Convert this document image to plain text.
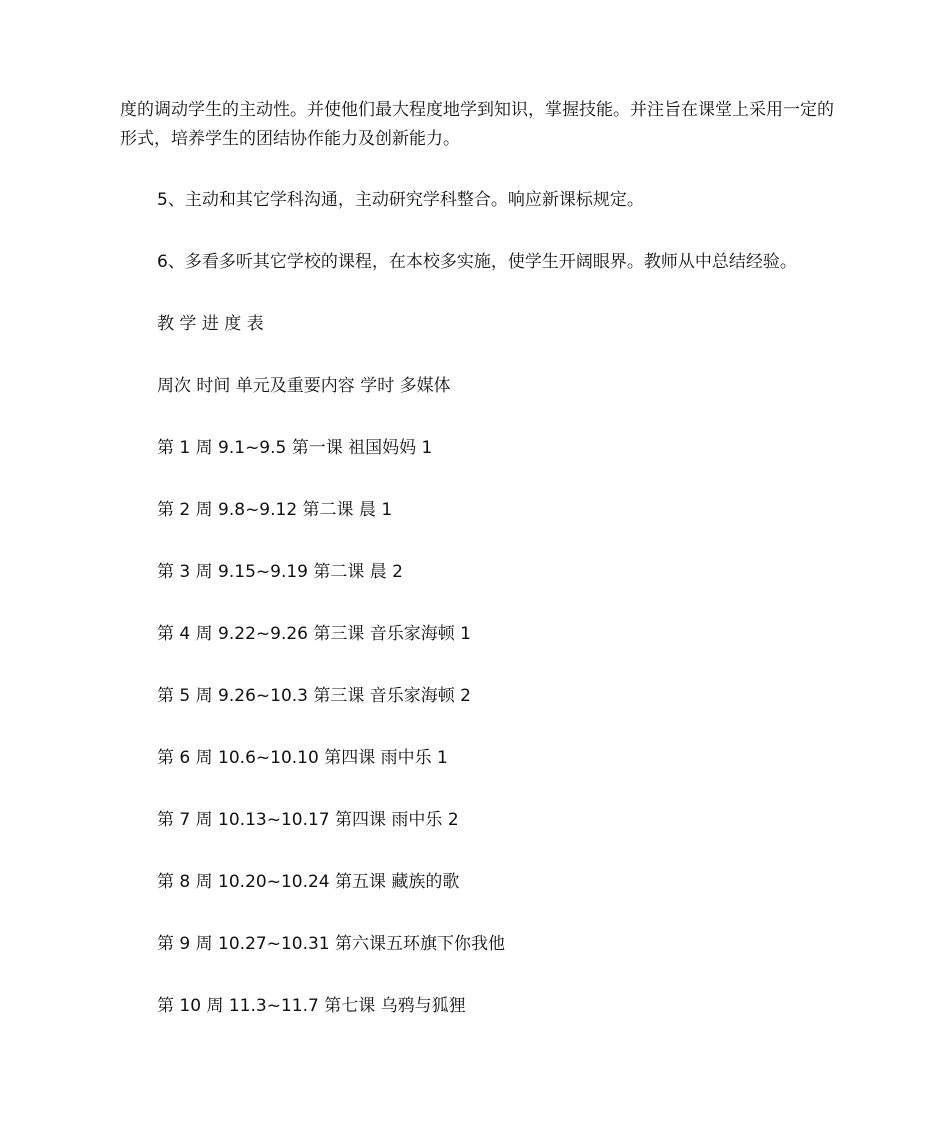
度的调动学生的主动性。并使他们最大程度地学到知识，掌握技能。并注旨在课堂上采用一定的形式，培养学生的团结协作能力及创新能力。

5、主动和其它学科沟通，主动研究学科整合。响应新课标规定。
6、多看多听其它学校的课程，在本校多实施，使学生开阔眼界。教师从中总结经验。
教 学 进 度 表
周次 时间 单元及重要内容 学时 多媒体
第 1 周 9.1~9.5 第一课 祖国妈妈 1
第 2 周 9.8~9.12 第二课 晨 1
第 3 周 9.15~9.19 第二课 晨 2
第 4 周 9.22~9.26 第三课 音乐家海顿 1
第 5 周 9.26~10.3 第三课 音乐家海顿 2
第 6 周 10.6~10.10 第四课 雨中乐 1
第 7 周 10.13~10.17 第四课 雨中乐 2
第 8 周 10.20~10.24 第五课 藏族的歌
第 9 周 10.27~10.31 第六课五环旗下你我他
第 10 周 11.3~11.7 第七课 乌鸦与狐狸
